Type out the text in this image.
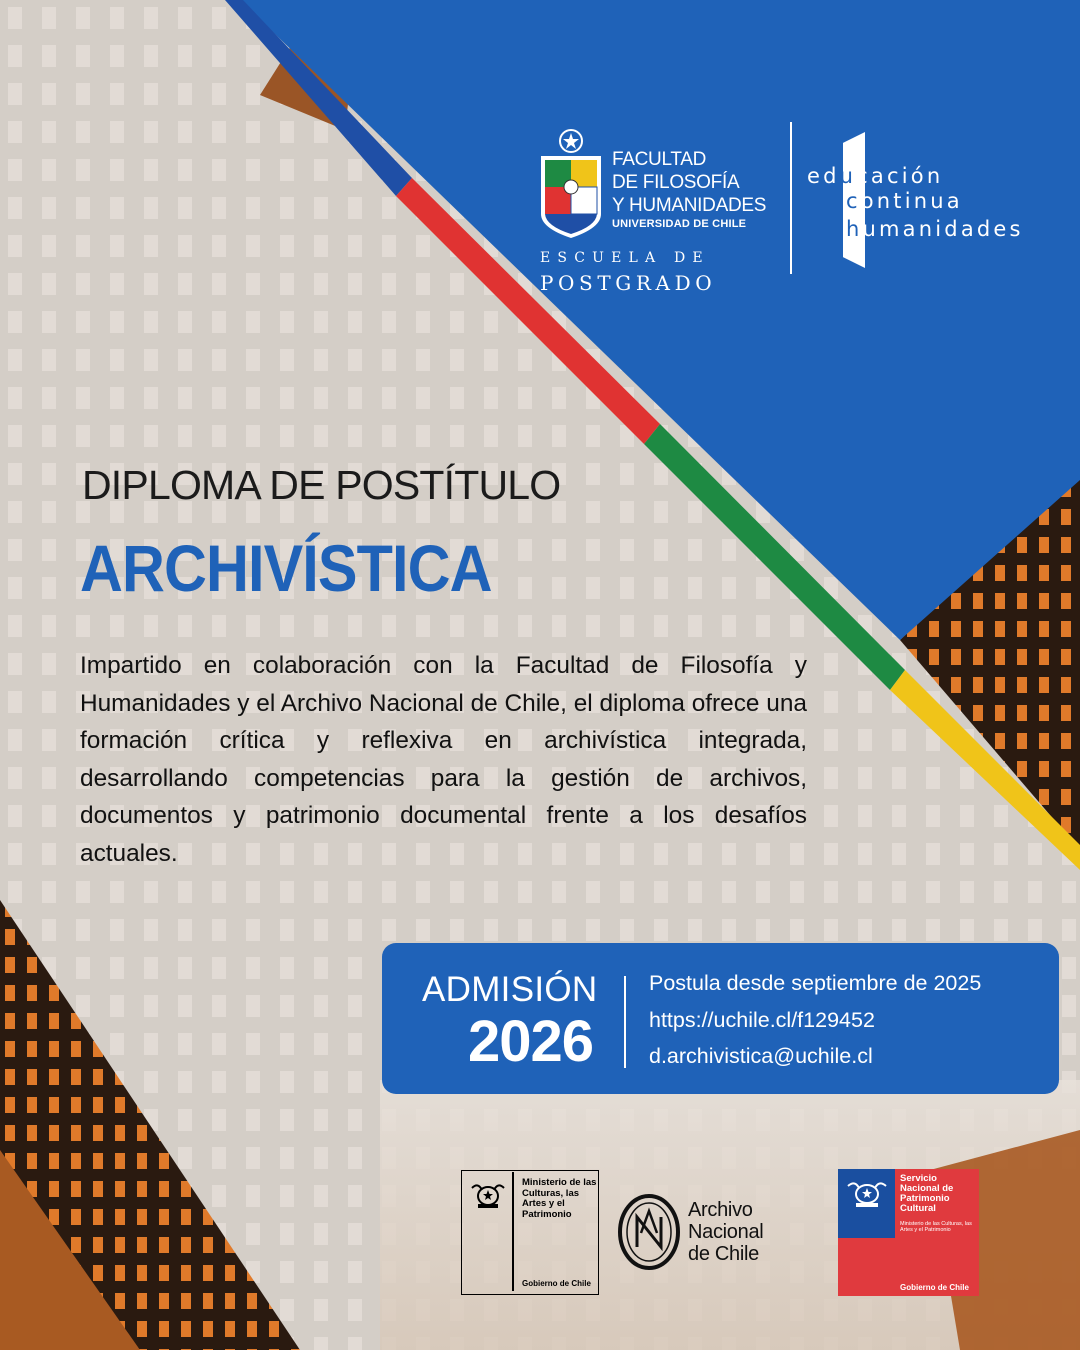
FACULTAD
DE FILOSOFÍA
Y HUMANIDADES
UNIVERSIDAD DE CHILE
ESCUELA DE
POSTGRADO
educación
continua
humanidades
DIPLOMA DE POSTÍTULO
ARCHIVÍSTICA
Impartido en colaboración con la Facultad de Filosofía y Humanidades y el Archivo Nacional de Chile, el diploma ofrece una formación crítica y reflexiva en archivística integrada, desarrollando competencias para la gestión de archivos, documentos y patrimonio documental frente a los desafíos actuales.
ADMISIÓN
2026
Postula desde septiembre de 2025
https://uchile.cl/f129452
d.archivistica@uchile.cl
Ministerio de las Culturas, las Artes y el Patrimonio
Gobierno de Chile
Archivo
Nacional
de Chile
Servicio Nacional de Patrimonio Cultural
Ministerio de las Culturas, las Artes y el Patrimonio
Gobierno de Chile
